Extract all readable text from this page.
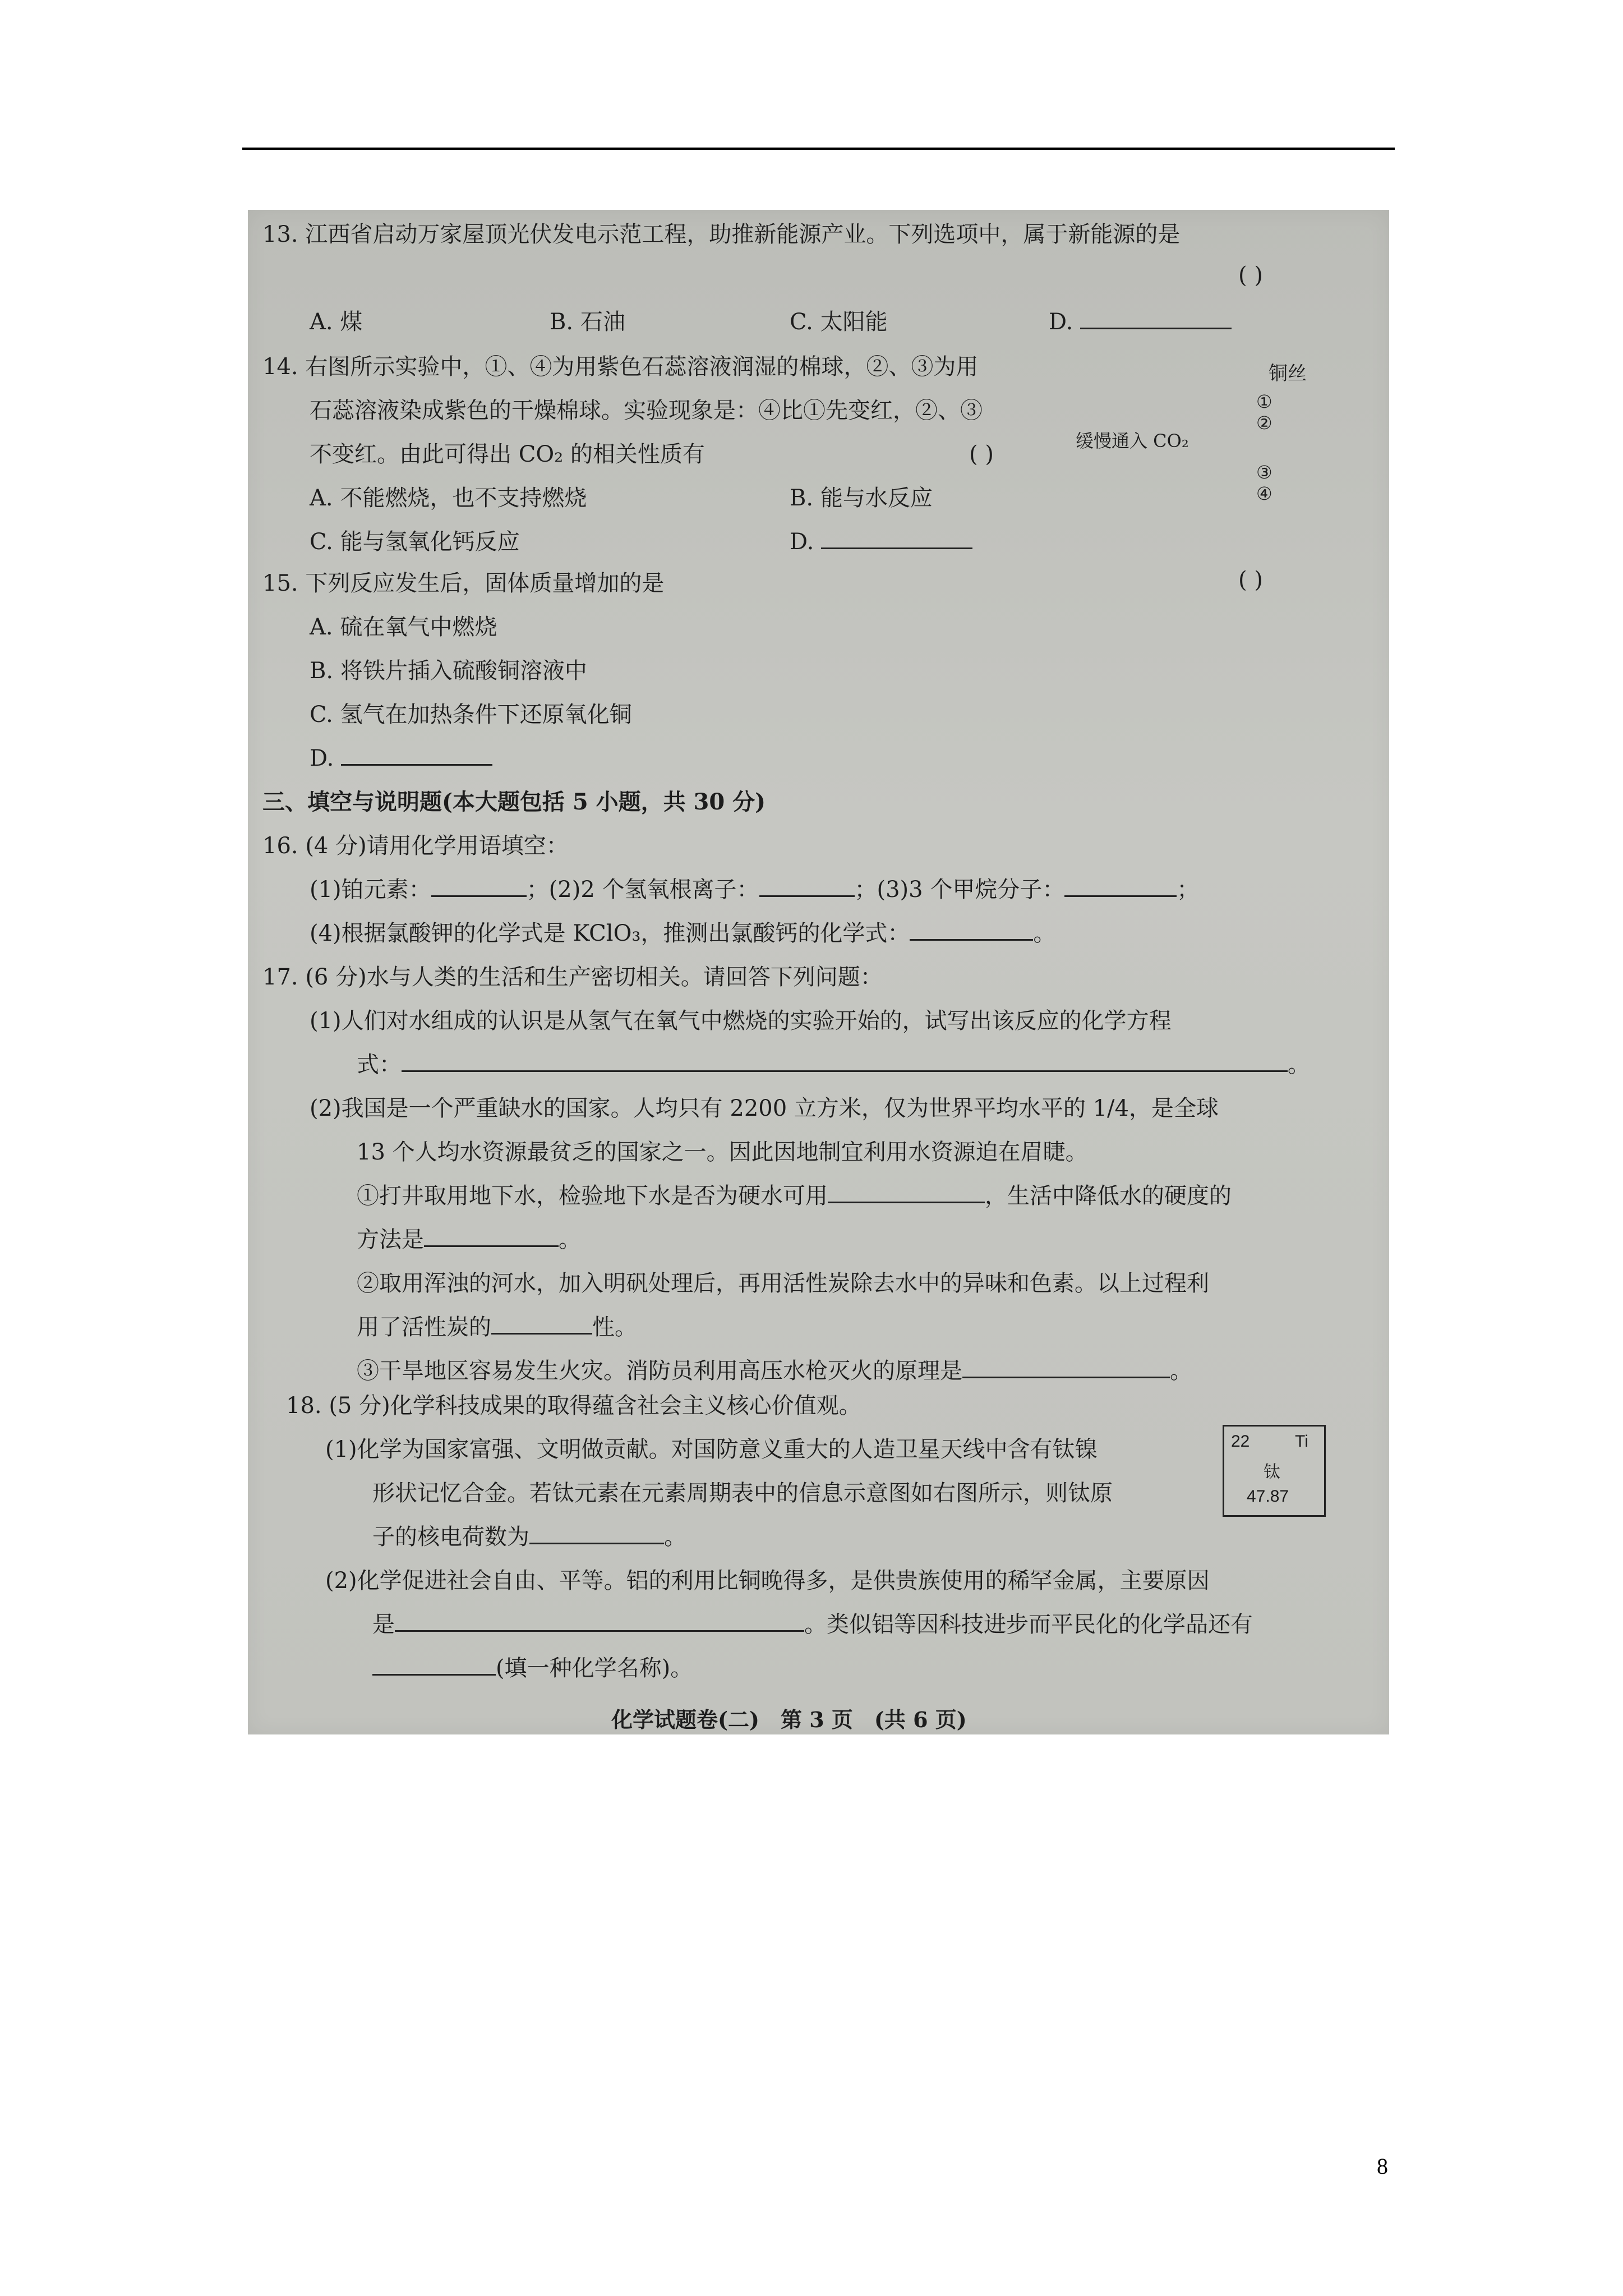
13. 江西省启动万家屋顶光伏发电示范工程，助推新能源产业。下列选项中，属于新能源的是
( )
A. 煤	B. 石油	C. 太阳能	D.
14. 右图所示实验中，①、④为用紫色石蕊溶液润湿的棉球，②、③为用
石蕊溶液染成紫色的干燥棉球。实验现象是：④比①先变红，②、③
不变红。由此可得出 CO₂ 的相关性质有	( )
A. 不能燃烧，也不支持燃烧	B. 能与水反应
C. 能与氢氧化钙反应	D.
铜丝
①
②
③
④
缓慢通入 CO₂
15. 下列反应发生后，固体质量增加的是	( )
A. 硫在氧气中燃烧
B. 将铁片插入硫酸铜溶液中
C. 氢气在加热条件下还原氧化铜
D.
三、填空与说明题(本大题包括 5 小题，共 30 分)
16. (4 分)请用化学用语填空：
(1)铂元素：	；(2)2 个氢氧根离子：	；(3)3 个甲烷分子：	；
(4)根据氯酸钾的化学式是 KClO₃，推测出氯酸钙的化学式：	。
17. (6 分)水与人类的生活和生产密切相关。请回答下列问题：
(1)人们对水组成的认识是从氢气在氧气中燃烧的实验开始的，试写出该反应的化学方程
式：	。
(2)我国是一个严重缺水的国家。人均只有 2200 立方米，仅为世界平均水平的 1/4，是全球
13 个人均水资源最贫乏的国家之一。因此因地制宜利用水资源迫在眉睫。
①打井取用地下水，检验地下水是否为硬水可用	，生活中降低水的硬度的
方法是	。
②取用浑浊的河水，加入明矾处理后，再用活性炭除去水中的异味和色素。以上过程利
用了活性炭的	性。
③干旱地区容易发生火灾。消防员利用高压水枪灭火的原理是	。
18. (5 分)化学科技成果的取得蕴含社会主义核心价值观。
(1)化学为国家富强、文明做贡献。对国防意义重大的人造卫星天线中含有钛镍
形状记忆合金。若钛元素在元素周期表中的信息示意图如右图所示，则钛原
子的核电荷数为	。
22	Ti
钛
47.87
(2)化学促进社会自由、平等。铝的利用比铜晚得多，是供贵族使用的稀罕金属，主要原因
是	。类似铝等因科技进步而平民化的化学品还有
(填一种化学名称)。
化学试题卷(二)　第 3 页　(共 6 页)
8
